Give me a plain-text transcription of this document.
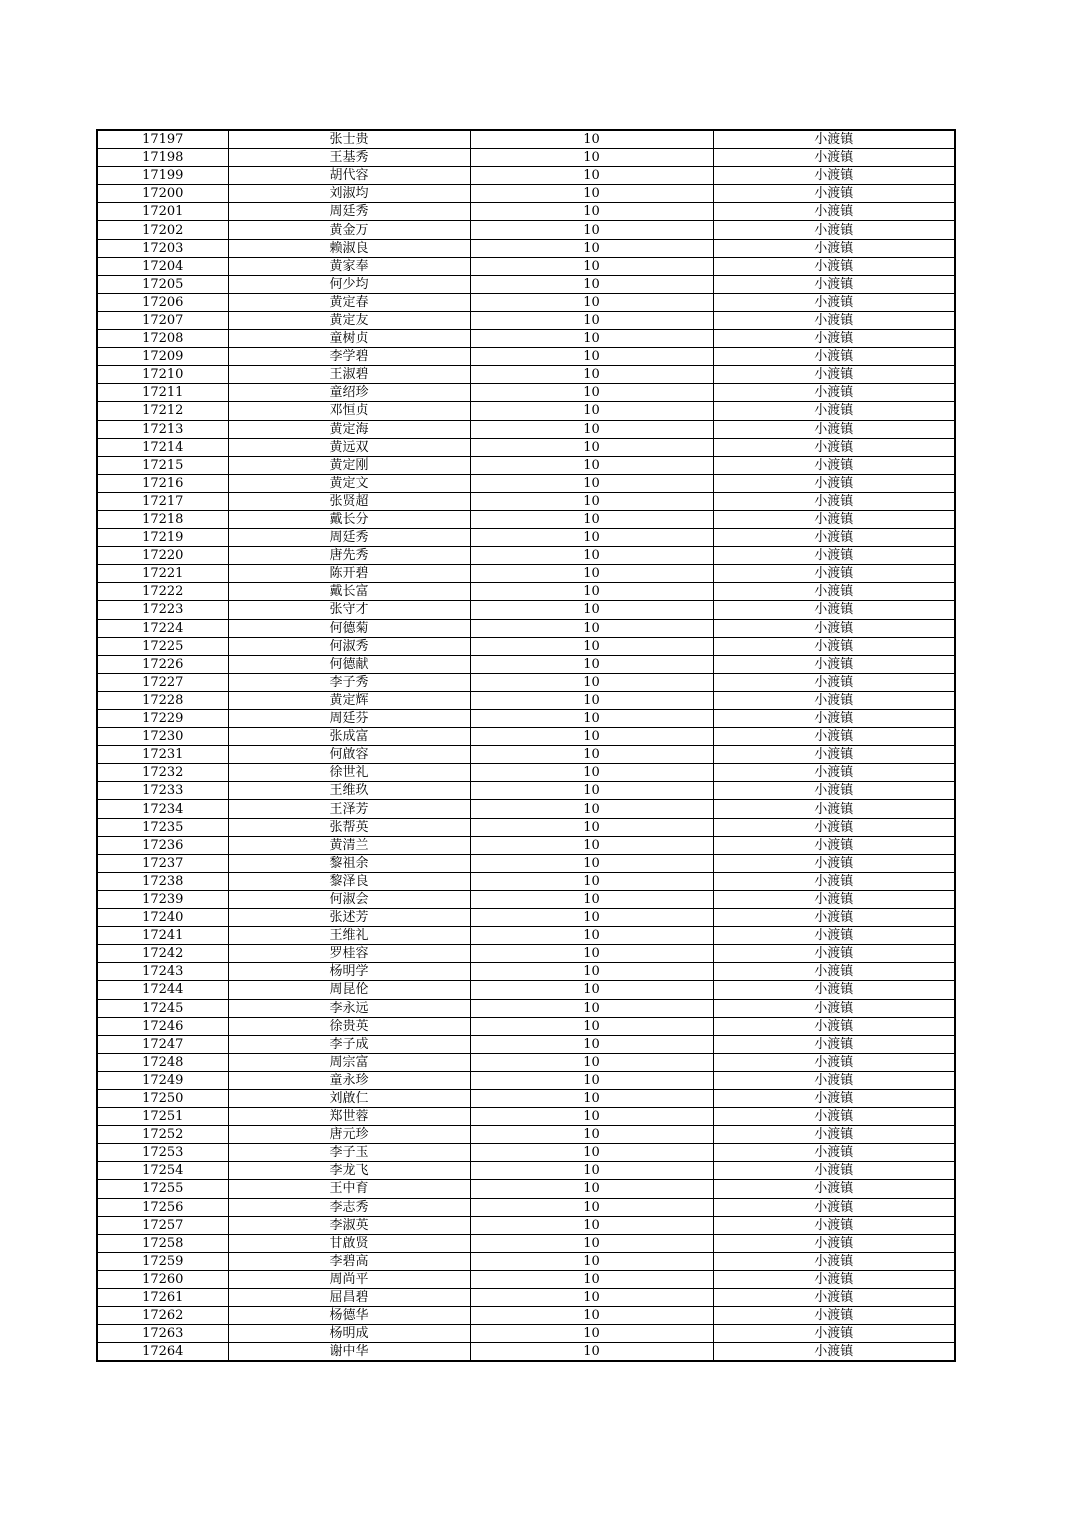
17197	张士贵	10	小渡镇
17198	王基秀	10	小渡镇
17199	胡代容	10	小渡镇
17200	刘淑均	10	小渡镇
17201	周廷秀	10	小渡镇
17202	黄金万	10	小渡镇
17203	赖淑良	10	小渡镇
17204	黄家奉	10	小渡镇
17205	何少均	10	小渡镇
17206	黄定春	10	小渡镇
17207	黄定友	10	小渡镇
17208	童树贞	10	小渡镇
17209	李学碧	10	小渡镇
17210	王淑碧	10	小渡镇
17211	童绍珍	10	小渡镇
17212	邓恒贞	10	小渡镇
17213	黄定海	10	小渡镇
17214	黄远双	10	小渡镇
17215	黄定刚	10	小渡镇
17216	黄定文	10	小渡镇
17217	张贤超	10	小渡镇
17218	戴长分	10	小渡镇
17219	周廷秀	10	小渡镇
17220	唐先秀	10	小渡镇
17221	陈开碧	10	小渡镇
17222	戴长富	10	小渡镇
17223	张守才	10	小渡镇
17224	何德菊	10	小渡镇
17225	何淑秀	10	小渡镇
17226	何德献	10	小渡镇
17227	李子秀	10	小渡镇
17228	黄定辉	10	小渡镇
17229	周廷芬	10	小渡镇
17230	张成富	10	小渡镇
17231	何啟容	10	小渡镇
17232	徐世礼	10	小渡镇
17233	王维玖	10	小渡镇
17234	王泽芳	10	小渡镇
17235	张帮英	10	小渡镇
17236	黄清兰	10	小渡镇
17237	黎祖余	10	小渡镇
17238	黎泽良	10	小渡镇
17239	何淑会	10	小渡镇
17240	张述芳	10	小渡镇
17241	王维礼	10	小渡镇
17242	罗桂容	10	小渡镇
17243	杨明学	10	小渡镇
17244	周昆伦	10	小渡镇
17245	李永远	10	小渡镇
17246	徐贵英	10	小渡镇
17247	李子成	10	小渡镇
17248	周宗富	10	小渡镇
17249	童永珍	10	小渡镇
17250	刘啟仁	10	小渡镇
17251	郑世蓉	10	小渡镇
17252	唐元珍	10	小渡镇
17253	李子玉	10	小渡镇
17254	李龙飞	10	小渡镇
17255	王中育	10	小渡镇
17256	李志秀	10	小渡镇
17257	李淑英	10	小渡镇
17258	甘啟贤	10	小渡镇
17259	李碧高	10	小渡镇
17260	周尚平	10	小渡镇
17261	屈昌碧	10	小渡镇
17262	杨德华	10	小渡镇
17263	杨明成	10	小渡镇
17264	谢中华	10	小渡镇
